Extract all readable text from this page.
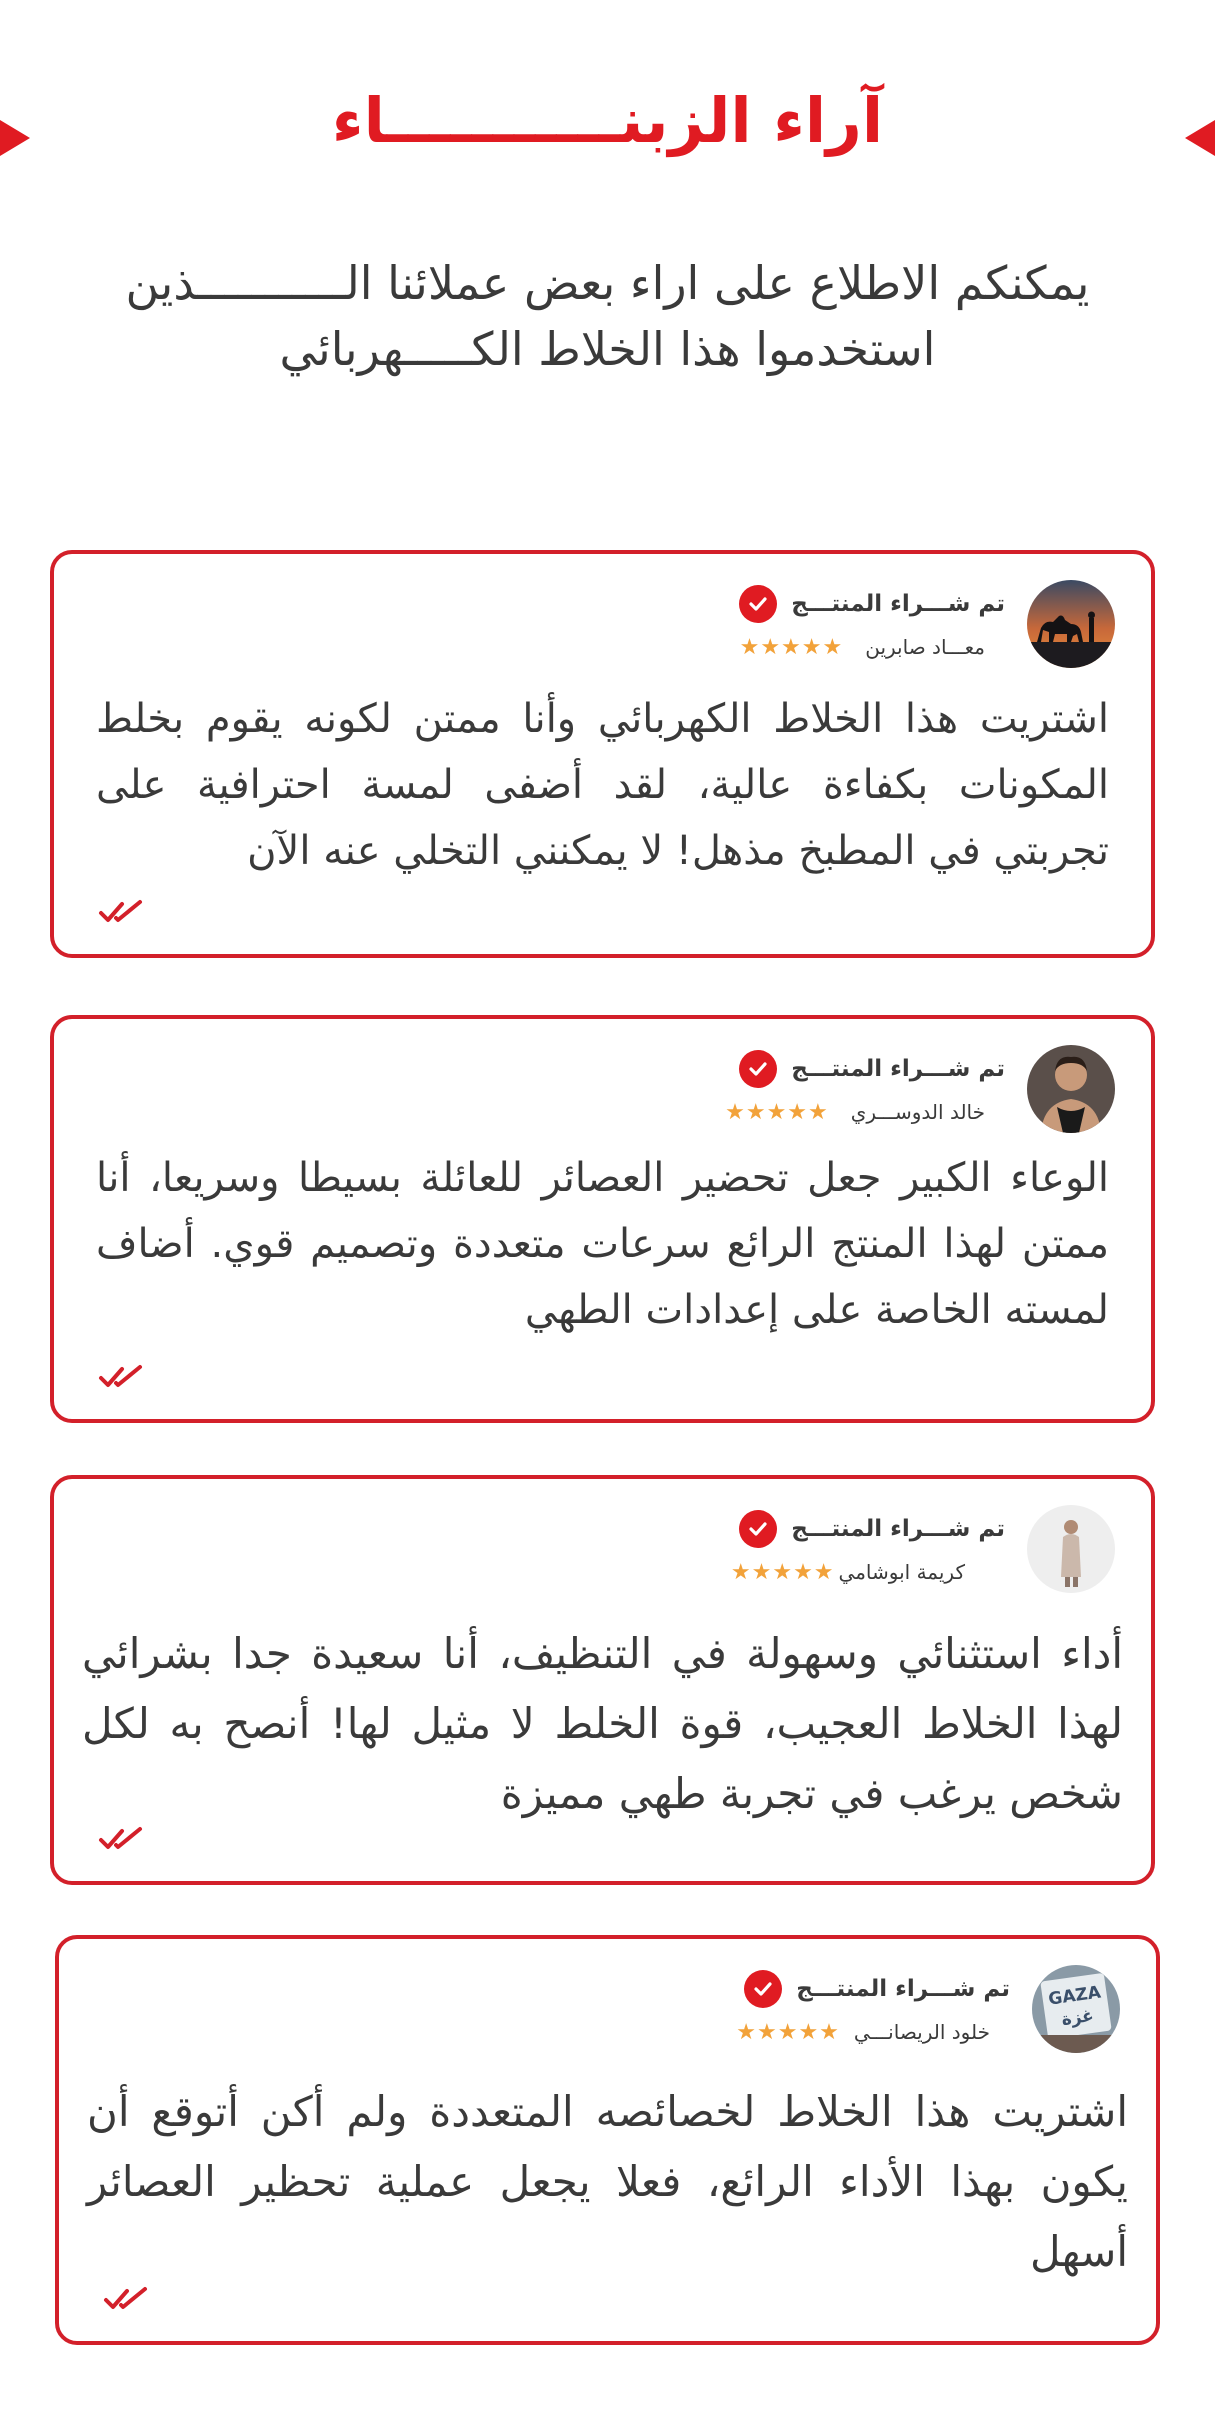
آراء الزبنـــــــــــاء

يمكنكم الاطلاع على اراء بعض عملائنا الـــــــــــذين استخدموا هذا الخلاط الكـــــهربائي

تم شـــراء المنتـــج
معـــاد صابرين
★★★★★

اشتريت هذا الخلاط الكهربائي وأنا ممتن لكونه يقوم بخلط المكونات بكفاءة عالية، لقد أضفى لمسة احترافية على تجربتي في المطبخ مذهل! لا يمكنني التخلي عنه الآن

تم شـــراء المنتـــج
خالد الدوســـري
★★★★★

الوعاء الكبير جعل تحضير العصائر للعائلة بسيطا وسريعا، أنا ممتن لهذا المنتج الرائع سرعات متعددة وتصميم قوي. أضاف لمسته الخاصة على إعدادات الطهي

تم شـــراء المنتـــج
كريمة ابوشامي
★★★★★

أداء استثنائي وسهولة في التنظيف، أنا سعيدة جدا بشرائي لهذا الخلاط العجيب، قوة الخلط لا مثيل لها! أنصح به لكل شخص يرغب في تجربة طهي مميزة

GAZA
غزة
تم شـــراء المنتـــج
خلود الريصانـــي
★★★★★

اشتريت هذا الخلاط لخصائصه المتعددة ولم أكن أتوقع أن يكون بهذا الأداء الرائع، فعلا يجعل عملية تحظير العصائر أسهل
